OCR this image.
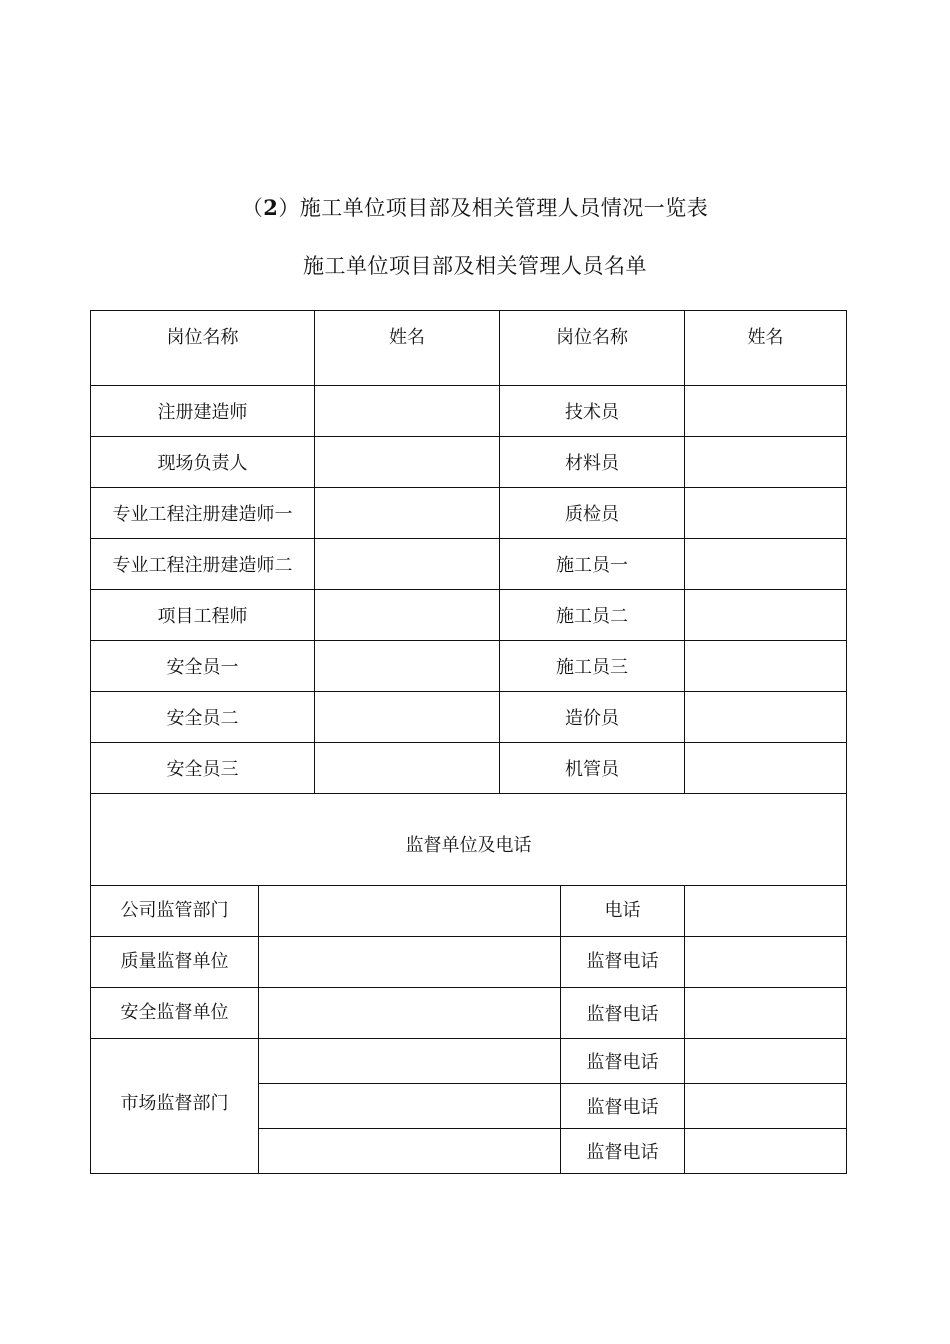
（2）施工单位项目部及相关管理人员情况一览表
施工单位项目部及相关管理人员名单
岗位名称	姓名	岗位名称	姓名
注册建造师		技术员	
现场负责人		材料员	
专业工程注册建造师一		质检员	
专业工程注册建造师二		施工员一	
项目工程师		施工员二	
安全员一		施工员三	
安全员二		造价员	
安全员三		机管员	
监督单位及电话			
公司监管部门		电话	
质量监督单位		监督电话	
安全监督单位		监督电话	
市场监督部门		监督电话	
		监督电话	
		监督电话	
